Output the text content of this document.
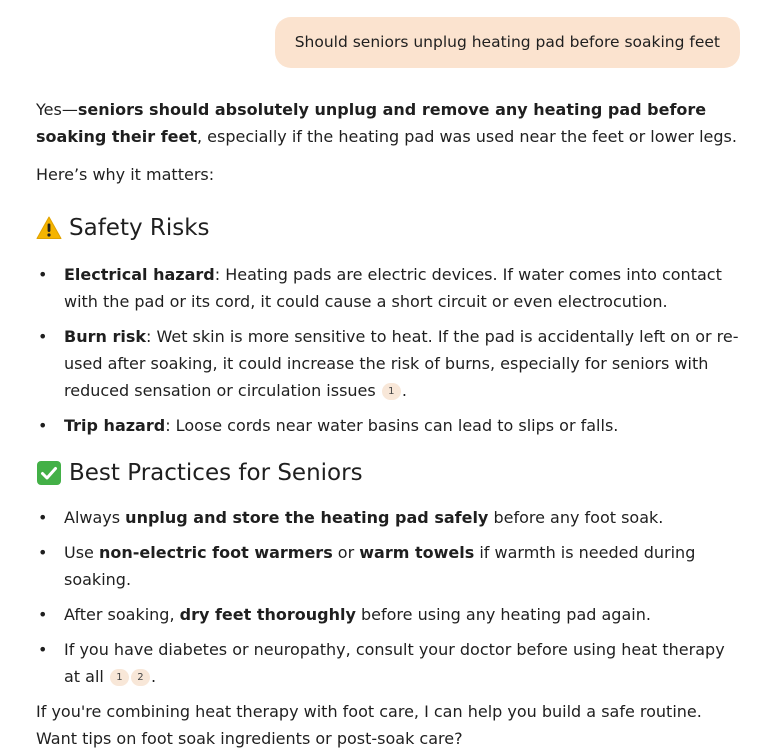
Should seniors unplug heating pad before soaking feet

Yes—seniors should absolutely unplug and remove any heating pad before soaking their feet, especially if the heating pad was used near the feet or lower legs.

Here’s why it matters:

Safety Risks
• Electrical hazard: Heating pads are electric devices. If water comes into contact with the pad or its cord, it could cause a short circuit or even electrocution.
• Burn risk: Wet skin is more sensitive to heat. If the pad is accidentally left on or re-used after soaking, it could increase the risk of burns, especially for seniors with reduced sensation or circulation issues 1 .
• Trip hazard: Loose cords near water basins can lead to slips or falls.
Best Practices for Seniors
• Always unplug and store the heating pad safely before any foot soak.
• Use non-electric foot warmers or warm towels if warmth is needed during soaking.
• After soaking, dry feet thoroughly before using any heating pad again.
• If you have diabetes or neuropathy, consult your doctor before using heat therapy at all 1 2 .

If you're combining heat therapy with foot care, I can help you build a safe routine. Want tips on foot soak ingredients or post-soak care?
